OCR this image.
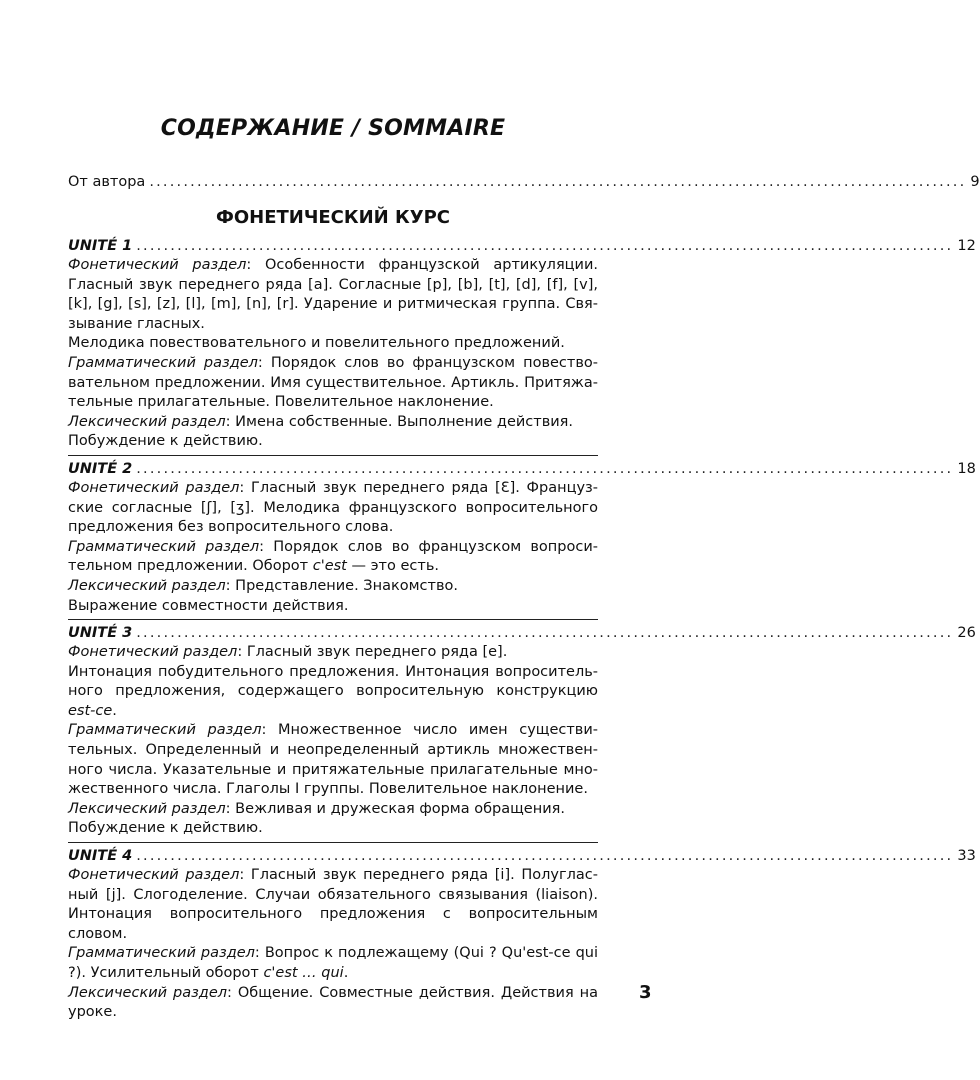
СОДЕРЖАНИЕ / SOMMAIRE
От автора ........................................................................................................................ 9
ФОНЕТИЧЕСКИЙ КУРС
UNITÉ 1 ........................................................................................................................ 12

Фонетический раздел: Особенности французской артикуляции. Гласный звук переднего ряда [a]. Согласные [p], [b], [t], [d], [f], [v], [k], [g], [s], [z], [l], [m], [n], [r]. Ударение и ритмическая группа. Связывание гласных.

Мелодика повествовательного и повелительного предложений.

Грамматический раздел: Порядок слов во французском повествовательном предложении. Имя существительное. Артикль. Притяжательные прилагательные. Повелительное наклонение.

Лексический раздел: Имена собственные. Выполнение действия.

Побуждение к действию.

UNITÉ 2 ........................................................................................................................ 18

Фонетический раздел: Гласный звук переднего ряда [Ɛ]. Французские согласные [ʃ], [ʒ]. Мелодика французского вопросительного предложения без вопросительного слова.

Грамматический раздел: Порядок слов во французском вопросительном предложении. Оборот c'est — это есть.

Лексический раздел: Представление. Знакомство.

Выражение совместности действия.

UNITÉ 3 ........................................................................................................................ 26

Фонетический раздел: Гласный звук переднего ряда [e].

Интонация побудительного предложения. Интонация вопросительного предложения, содержащего вопросительную конструкцию est-ce.

Грамматический раздел: Множественное число имен существительных. Определенный и неопределенный артикль множественного числа. Указательные и притяжательные прилагательные множественного числа. Глаголы I группы. Повелительное наклонение.

Лексический раздел: Вежливая и дружеская форма обращения.

Побуждение к действию.

UNITÉ 4 ........................................................................................................................ 33

Фонетический раздел: Гласный звук переднего ряда [i]. Полугласный [j]. Слогоделение. Случаи обязательного связывания (liaison). Интонация вопросительного предложения с вопросительным словом.

Грамматический раздел: Вопрос к подлежащему (Qui ? Qu'est-ce qui ?). Усилительный оборот c'est … qui.

Лексический раздел: Общение. Совместные действия. Действия на уроке.

3
